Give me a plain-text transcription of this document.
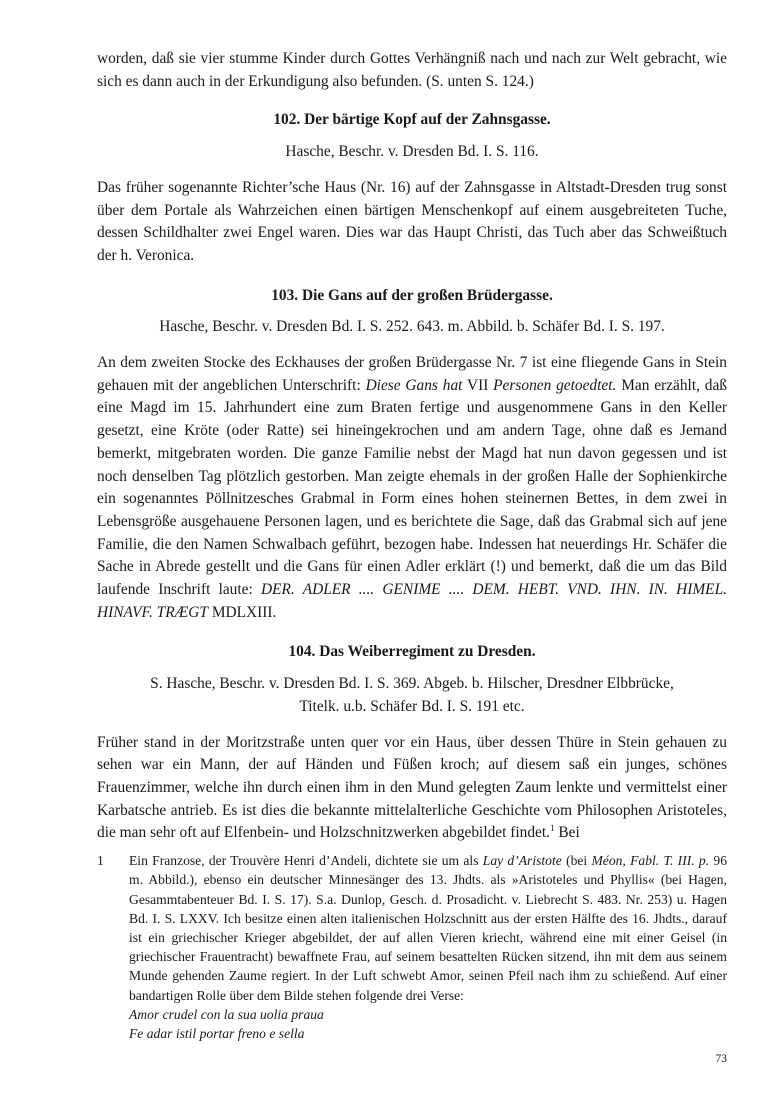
worden, daß sie vier stumme Kinder durch Gottes Verhängniß nach und nach zur Welt gebracht, wie sich es dann auch in der Erkundigung also befunden. (S. unten S. 124.)

102. Der bärtige Kopf auf der Zahnsgasse.
Hasche, Beschr. v. Dresden Bd. I. S. 116.

Das früher sogenannte Richter’sche Haus (Nr. 16) auf der Zahnsgasse in Altstadt-Dresden trug sonst über dem Portale als Wahrzeichen einen bärtigen Menschenkopf auf einem ausgebreiteten Tuche, dessen Schildhalter zwei Engel waren. Dies war das Haupt Christi, das Tuch aber das Schweißtuch der h. Veronica.

103. Die Gans auf der großen Brüdergasse.
Hasche, Beschr. v. Dresden Bd. I. S. 252. 643. m. Abbild. b. Schäfer Bd. I. S. 197.

An dem zweiten Stocke des Eckhauses der großen Brüdergasse Nr. 7 ist eine fliegende Gans in Stein gehauen mit der angeblichen Unterschrift: Diese Gans hat VII Personen getoedtet. Man erzählt, daß eine Magd im 15. Jahrhundert eine zum Braten fertige und ausgenommene Gans in den Keller gesetzt, eine Kröte (oder Ratte) sei hineingekrochen und am andern Tage, ohne daß es Jemand bemerkt, mitgebraten worden. Die ganze Familie nebst der Magd hat nun davon gegessen und ist noch denselben Tag plötzlich gestorben. Man zeigte ehemals in der großen Halle der Sophienkirche ein sogenanntes Pöllnitzesches Grabmal in Form eines hohen steinernen Bettes, in dem zwei in Lebensgröße ausgehauene Personen lagen, und es berichtete die Sage, daß das Grabmal sich auf jene Familie, die den Namen Schwalbach geführt, bezogen habe. Indessen hat neuerdings Hr. Schäfer die Sache in Abrede gestellt und die Gans für einen Adler erklärt (!) und bemerkt, daß die um das Bild laufende Inschrift laute: DER. ADLER .... GENIME .... DEM. HEBT. VND. IHN. IN. HIMEL. HINAVF. TRÆGT MDLXIII.

104. Das Weiberregiment zu Dresden.
S. Hasche, Beschr. v. Dresden Bd. I. S. 369. Abgeb. b. Hilscher, Dresdner Elbbrücke,
Titelk. u.b. Schäfer Bd. I. S. 191 etc.

Früher stand in der Moritzstraße unten quer vor ein Haus, über dessen Thüre in Stein gehauen zu sehen war ein Mann, der auf Händen und Füßen kroch; auf diesem saß ein junges, schönes Frauenzimmer, welche ihn durch einen ihm in den Mund gelegten Zaum lenkte und vermittelst einer Karbatsche antrieb. Es ist dies die bekannte mittelalterliche Geschichte vom Philosophen Aristoteles, die man sehr oft auf Elfenbein- und Holzschnitzwerken abgebildet findet.$^1$ Bei

1	Ein Franzose, der Trouvère Henri d’Andeli, dichtete sie um als Lay d’Aristote (bei Méon, Fabl. T. III. p. 96 m. Abbild.), ebenso ein deutscher Minnesänger des 13. Jhdts. als »Aristoteles und Phyllis« (bei Hagen, Gesammtabenteuer Bd. I. S. 17). S.a. Dunlop, Gesch. d. Prosadicht. v. Liebrecht S. 483. Nr. 253) u. Hagen Bd. I. S. LXXV. Ich besitze einen alten italienischen Holzschnitt aus der ersten Hälfte des 16. Jhdts., darauf ist ein griechischer Krieger abgebildet, der auf allen Vieren kriecht, während eine mit einer Geisel (in griechischer Frauentracht) bewaffnete Frau, auf seinem besattelten Rücken sitzend, ihn mit dem aus seinem Munde gehenden Zaume regiert. In der Luft schwebt Amor, seinen Pfeil nach ihm zu schießend. Auf einer bandartigen Rolle über dem Bilde stehen folgende drei Verse:
Amor crudel con la sua uolia praua
Fe adar istil portar freno e sella
73
